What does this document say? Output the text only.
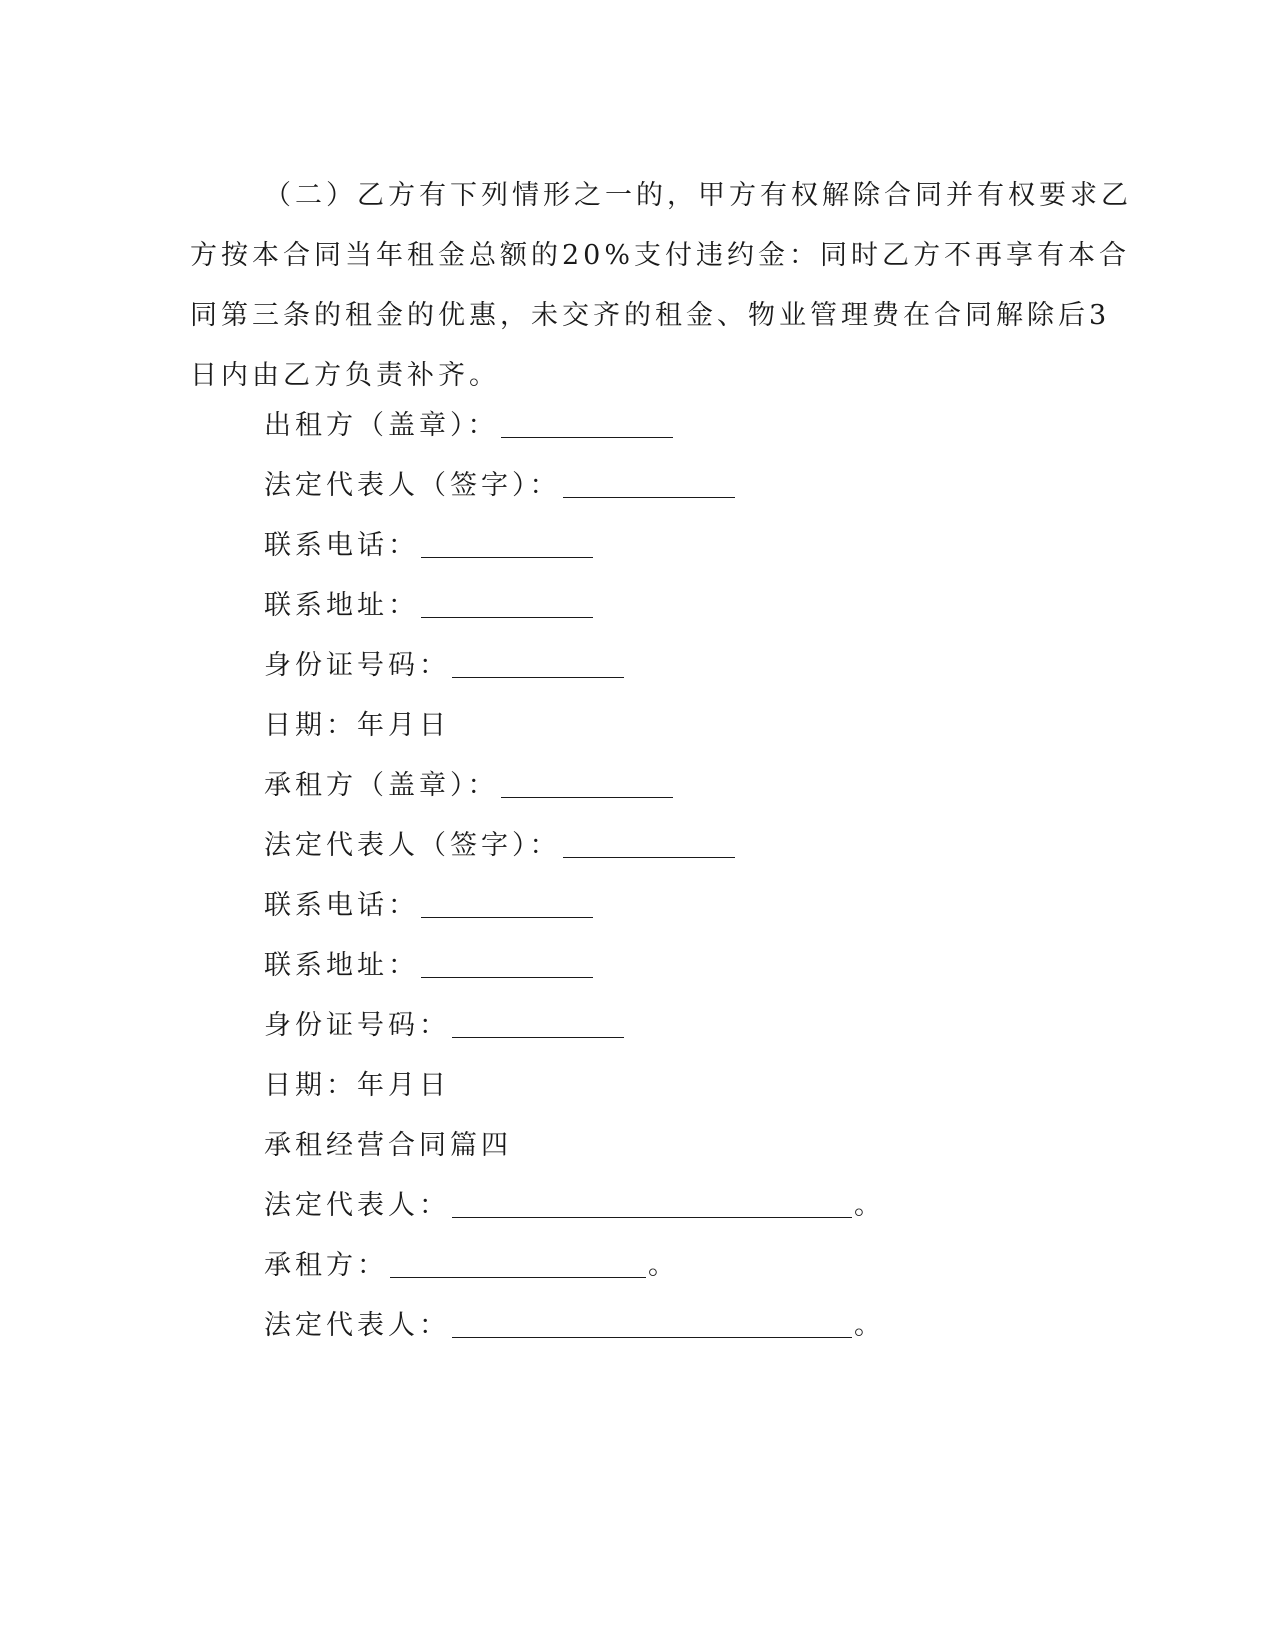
（二）乙方有下列情形之一的，甲方有权解除合同并有权要求乙
方按本合同当年租金总额的20%支付违约金：同时乙方不再享有本合
同第三条的租金的优惠，未交齐的租金、物业管理费在合同解除后3
日内由乙方负责补齐。
出租方（盖章）：
法定代表人（签字）：
联系电话：
联系地址：
身份证号码：
日期：年月日
承租方（盖章）：
法定代表人（签字）：
联系电话：
联系地址：
身份证号码：
日期：年月日
承租经营合同篇四
法定代表人：	。
承租方：	。
法定代表人：	。
